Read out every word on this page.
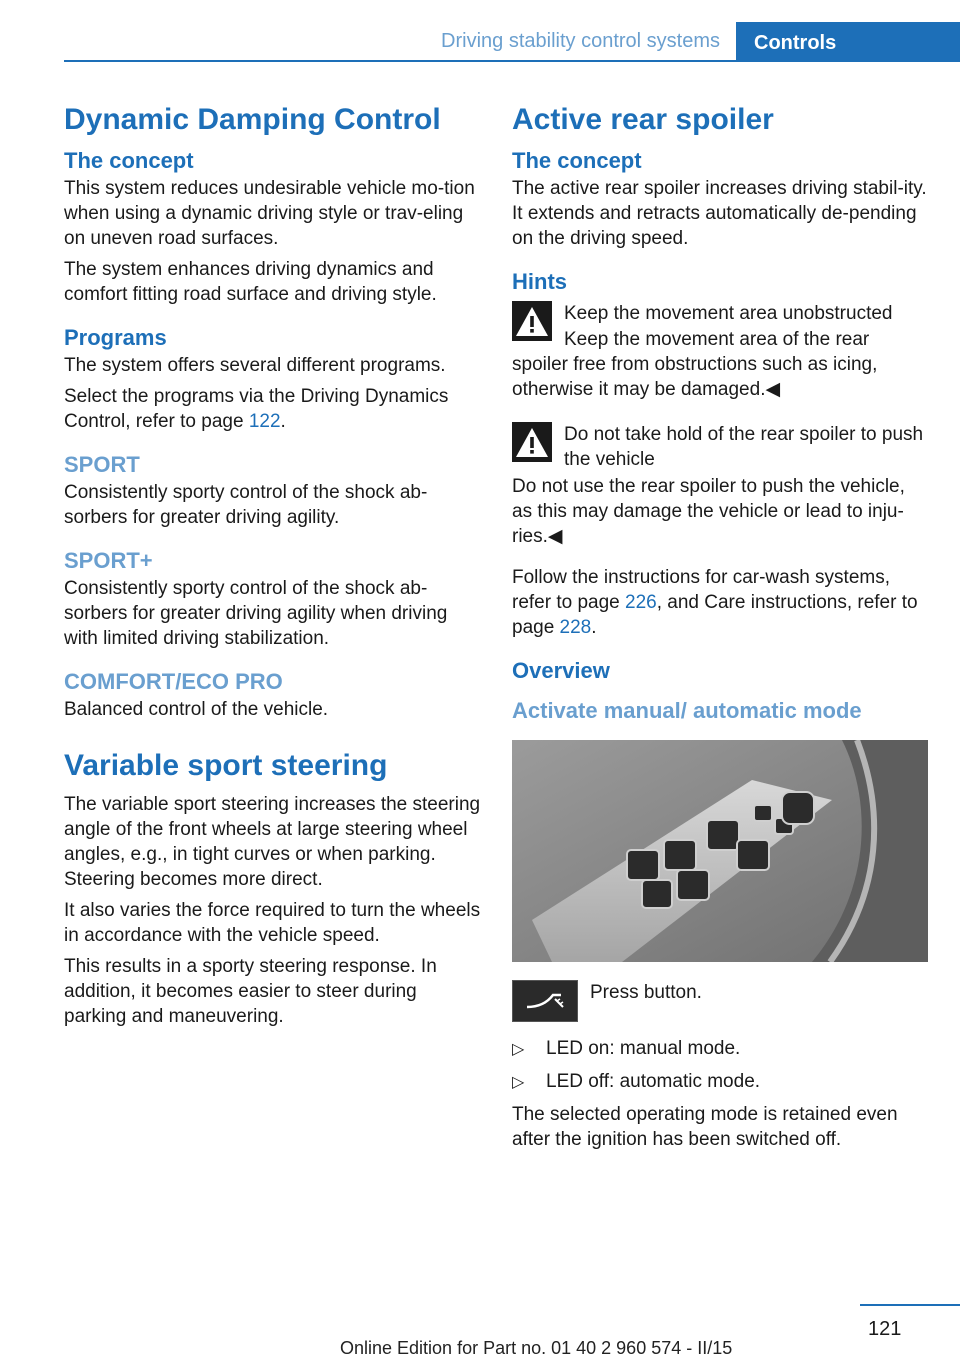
Driving stability control systems	Controls
Dynamic Damping Control
The concept

This system reduces undesirable vehicle mo‐tion when using a dynamic driving style or trav‐eling on uneven road surfaces.

The system enhances driving dynamics and comfort fitting road surface and driving style.

Programs

The system offers several different programs.

Select the programs via the Driving Dynamics Control, refer to page 122.

SPORT

Consistently sporty control of the shock ab‐sorbers for greater driving agility.

SPORT+

Consistently sporty control of the shock ab‐sorbers for greater driving agility when driving with limited driving stabilization.

COMFORT/ECO PRO

Balanced control of the vehicle.

Variable sport steering

The variable sport steering increases the steering angle of the front wheels at large steering wheel angles, e.g., in tight curves or when parking. Steering becomes more direct.

It also varies the force required to turn the wheels in accordance with the vehicle speed.

This results in a sporty steering response. In addition, it becomes easier to steer during parking and maneuvering.

Active rear spoiler
The concept

The active rear spoiler increases driving stabil‐ity. It extends and retracts automatically de‐pending on the driving speed.

Hints

Keep the movement area unobstructed

Keep the movement area of the rear spoiler free from obstructions such as icing, otherwise it may be damaged.◀

Do not take hold of the rear spoiler to push the vehicle

Do not use the rear spoiler to push the vehicle, as this may damage the vehicle or lead to inju‐ries.◀

Follow the instructions for car-wash systems, refer to page 226, and Care instructions, refer to page 228.

Overview
Activate manual/ automatic mode

Press button.

▷ LED on: manual mode.
▷ LED off: automatic mode.

The selected operating mode is retained even after the ignition has been switched off.

121
Online Edition for Part no. 01 40 2 960 574 - II/15
